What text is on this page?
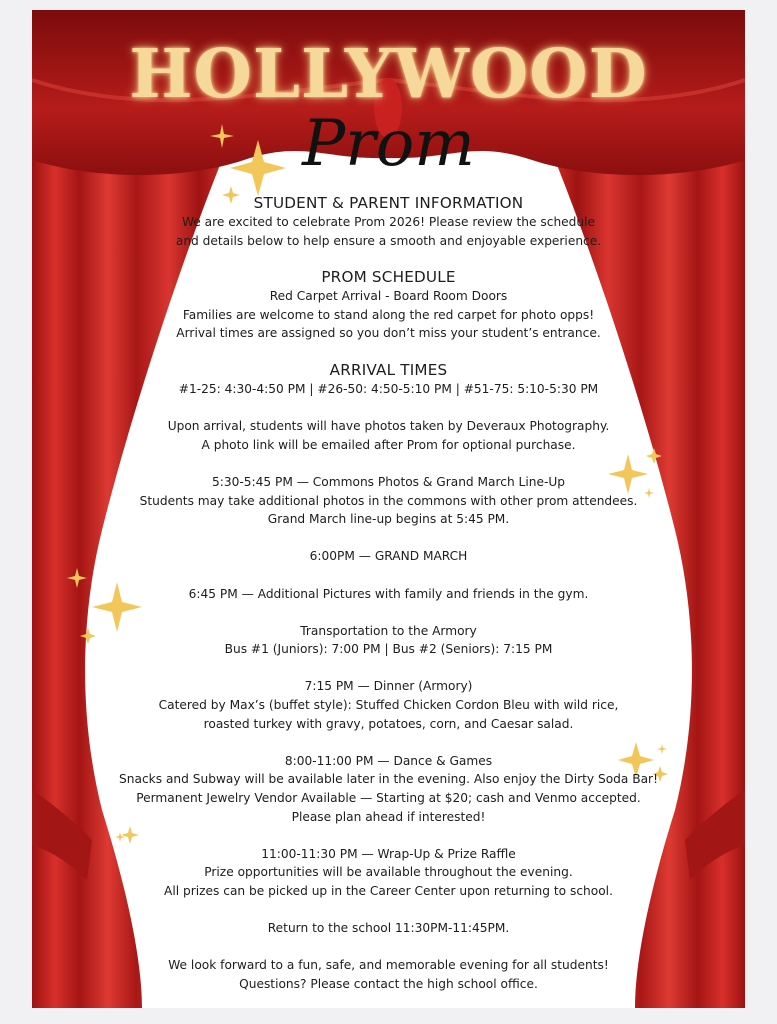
HOLLYWOOD
Prom
STUDENT & PARENT INFORMATION
We are excited to celebrate Prom 2026! Please review the schedule
and details below to help ensure a smooth and enjoyable experience.
PROM SCHEDULE
Red Carpet Arrival - Board Room Doors
Families are welcome to stand along the red carpet for photo opps!
Arrival times are assigned so you don’t miss your student’s entrance.
ARRIVAL TIMES
#1-25: 4:30-4:50 PM | #26-50: 4:50-5:10 PM | #51-75: 5:10-5:30 PM
Upon arrival, students will have photos taken by Deveraux Photography.
A photo link will be emailed after Prom for optional purchase.
5:30-5:45 PM — Commons Photos & Grand March Line-Up
Students may take additional photos in the commons with other prom attendees.
Grand March line-up begins at 5:45 PM.
6:00PM — GRAND MARCH
6:45 PM — Additional Pictures with family and friends in the gym.
Transportation to the Armory
Bus #1 (Juniors): 7:00 PM | Bus #2 (Seniors): 7:15 PM
7:15 PM — Dinner (Armory)
Catered by Max’s (buffet style): Stuffed Chicken Cordon Bleu with wild rice,
roasted turkey with gravy, potatoes, corn, and Caesar salad.
8:00-11:00 PM — Dance & Games
Snacks and Subway will be available later in the evening. Also enjoy the Dirty Soda Bar!
Permanent Jewelry Vendor Available — Starting at $20; cash and Venmo accepted.
Please plan ahead if interested!
11:00-11:30 PM — Wrap-Up & Prize Raffle
Prize opportunities will be available throughout the evening.
All prizes can be picked up in the Career Center upon returning to school.
Return to the school 11:30PM-11:45PM.
We look forward to a fun, safe, and memorable evening for all students!
Questions? Please contact the high school office.
